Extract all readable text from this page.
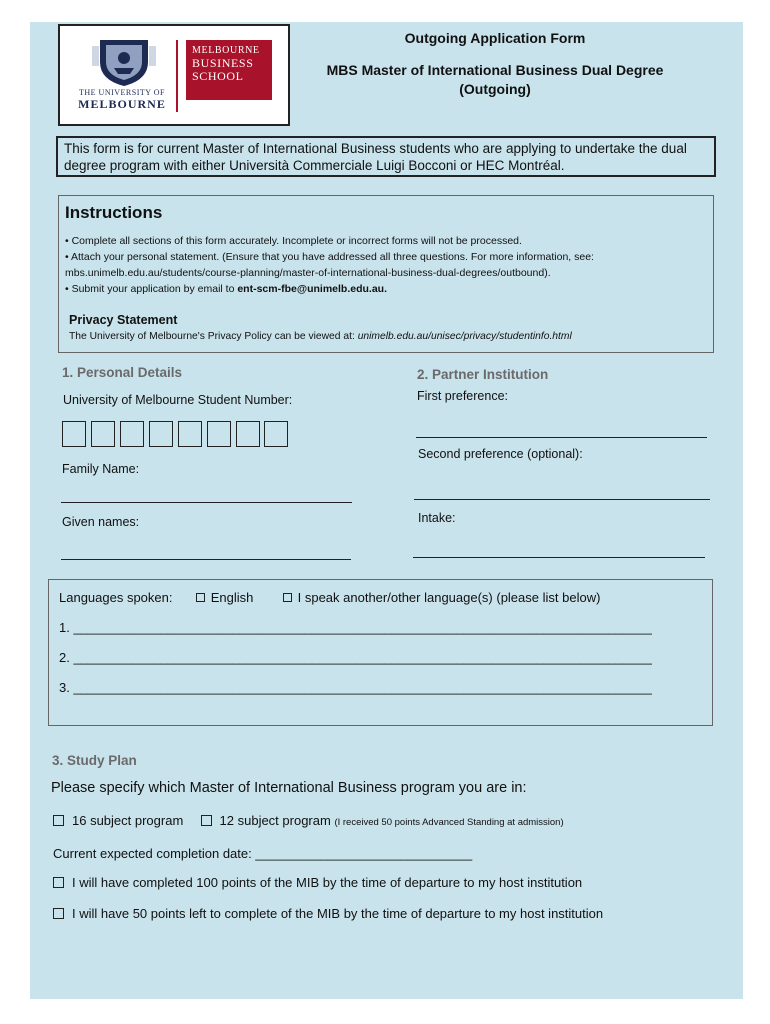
THE UNIVERSITY OF
MELBOURNE
MELBOURNE
BUSINESS
SCHOOL
Outgoing Application Form
MBS Master of International Business Dual Degree (Outgoing)
This form is for current Master of International Business students who are applying to undertake the dual degree program with either Università Commerciale Luigi Bocconi or HEC Montréal.
Instructions
• Complete all sections of this form accurately. Incomplete or incorrect forms will not be processed.
• Attach your personal statement. (Ensure that you have addressed all three questions. For more information, see: mbs.unimelb.edu.au/students/course-planning/master-of-international-business-dual-degrees/outbound).
• Submit your application by email to ent-scm-fbe@unimelb.edu.au.
Privacy Statement
The University of Melbourne's Privacy Policy can be viewed at: unimelb.edu.au/unisec/privacy/studentinfo.html
1. Personal Details
University of Melbourne Student Number:
Family Name:
Given names:
2. Partner Institution
First preference:
Second preference (optional):
Intake:
Languages spoken:	English	I speak another/other language(s) (please list below)
1. ________________________________________________________________________________
2. ________________________________________________________________________________
3. ________________________________________________________________________________
3. Study Plan
Please specify which Master of International Business program you are in:
16 subject program	12 subject program (I received 50 points Advanced Standing at admission)
Current expected completion date: ______________________________
I will have completed 100 points of the MIB by the time of departure to my host institution
I will have 50 points left to complete of the MIB by the time of departure to my host institution
